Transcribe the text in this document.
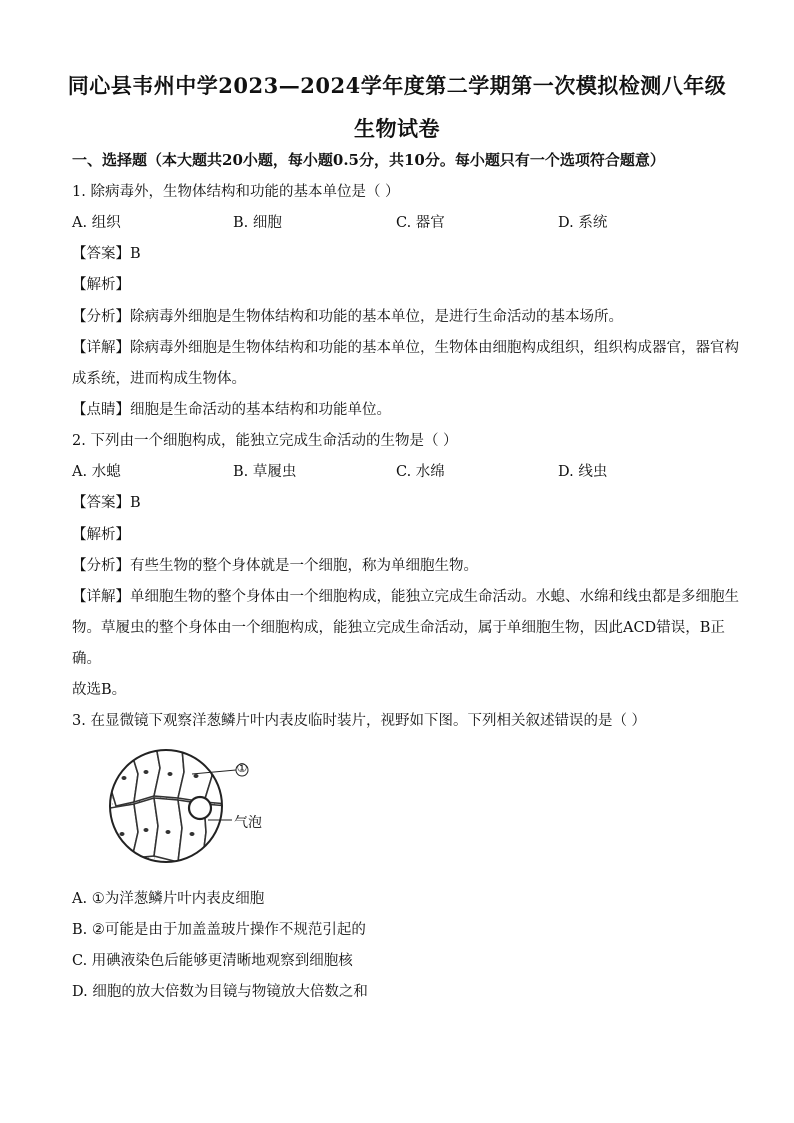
同心县韦州中学2023—2024学年度第二学期第一次模拟检测八年级
生物试卷
一、选择题（本大题共20小题，每小题0.5分，共10分。每小题只有一个选项符合题意）
1. 除病毒外，生物体结构和功能的基本单位是（ ）
A. 组织	B. 细胞	C. 器官	D. 系统
【答案】B
【解析】
【分析】除病毒外细胞是生物体结构和功能的基本单位，是进行生命活动的基本场所。
【详解】除病毒外细胞是生物体结构和功能的基本单位，生物体由细胞构成组织，组织构成器官，器官构
成系统，进而构成生物体。
【点睛】细胞是生命活动的基本结构和功能单位。
2. 下列由一个细胞构成，能独立完成生命活动的生物是（ ）
A. 水螅	B. 草履虫	C. 水绵	D. 线虫
【答案】B
【解析】
【分析】有些生物的整个身体就是一个细胞，称为单细胞生物。
【详解】单细胞生物的整个身体由一个细胞构成，能独立完成生命活动。水螅、水绵和线虫都是多细胞生
物。草履虫的整个身体由一个细胞构成，能独立完成生命活动，属于单细胞生物，因此ACD错误，B正
确。
故选B。
3. 在显微镜下观察洋葱鳞片叶内表皮临时装片，视野如下图。下列相关叙述错误的是（ ）
①
气泡
A. ①为洋葱鳞片叶内表皮细胞
B. ②可能是由于加盖盖玻片操作不规范引起的
C. 用碘液染色后能够更清晰地观察到细胞核
D. 细胞的放大倍数为目镜与物镜放大倍数之和
